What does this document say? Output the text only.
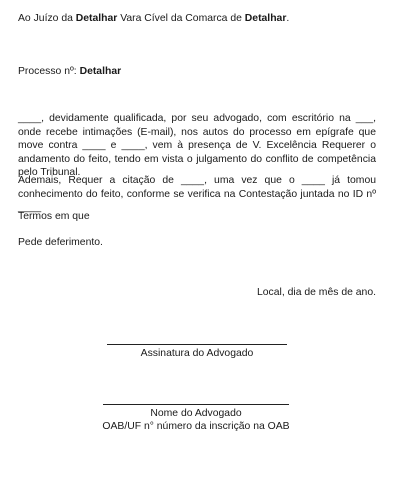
Ao Juízo da Detalhar Vara Cível da Comarca de Detalhar.
Processo nº: Detalhar
____, devidamente qualificada, por seu advogado, com escritório na ___, onde recebe intimações (E-mail), nos autos do processo em epígrafe que move contra ____ e ____, vem à presença de V. Excelência Requerer o andamento do feito, tendo em vista o julgamento do conflito de competência pelo Tribunal.
Ademais, Requer a citação de ____, uma vez que o ____ já tomou conhecimento do feito, conforme se verifica na Contestação juntada no ID nº ____
Termos em que
Pede deferimento.
Local, dia de mês de ano.
Assinatura do Advogado
Nome do Advogado
OAB/UF n° número da inscrição na OAB
